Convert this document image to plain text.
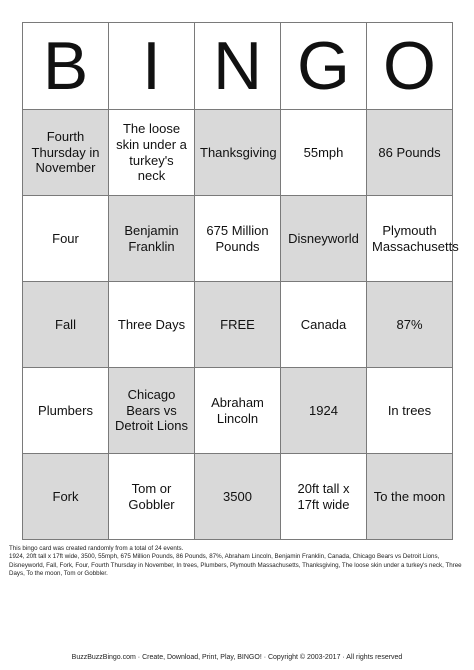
B	I	N	G	O
Fourth Thursday in November	The loose skin under a turkey's neck	Thanksgiving	55mph	86 Pounds
Four	Benjamin Franklin	675 Million Pounds	Disneyworld	Plymouth Massachusetts
Fall	Three Days	FREE	Canada	87%
Plumbers	Chicago Bears vs Detroit Lions	Abraham Lincoln	1924	In trees
Fork	Tom or Gobbler	3500	20ft tall x 17ft wide	To the moon
This bingo card was created randomly from a total of 24 events.
1924, 20ft tall x 17ft wide, 3500, 55mph, 675 Million Pounds, 86 Pounds, 87%, Abraham Lincoln, Benjamin Franklin, Canada, Chicago Bears vs Detroit Lions, Disneyworld, Fall, Fork, Four, Fourth Thursday in November, In trees, Plumbers, Plymouth Massachusetts, Thanksgiving, The loose skin under a turkey's neck, Three Days, To the moon, Tom or Gobbler.
BuzzBuzzBingo.com · Create, Download, Print, Play, BINGO! · Copyright © 2003-2017 · All rights reserved
